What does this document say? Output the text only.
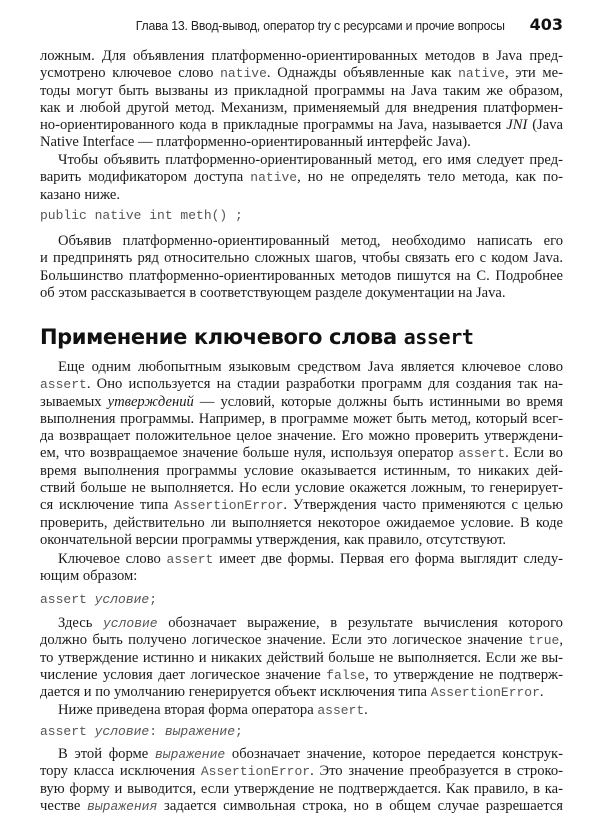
Глава 13. Ввод-вывод, оператор try с ресурсами и прочие вопросы 403
ложным. Для объявления платформенно-ориентированных методов в Java пред-
усмотрено ключевое слово native. Однажды объявленные как native, эти ме-
тоды могут быть вызваны из прикладной программы на Java таким же образом,
как и любой другой метод. Механизм, применяемый для внедрения платформен-
но-ориентированного кода в прикладные программы на Java, называется JNI (Java
Native Interface — платформенно-ориентированный интерфейс Java).
Чтобы объявить платформенно-ориентированный метод, его имя следует пред-
варить модификатором доступа native, но не определять тело метода, как по-
казано ниже.
public native int meth() ;
Объявив платформенно-ориентированный метод, необходимо написать его
и предпринять ряд относительно сложных шагов, чтобы связать его с кодом Java.
Большинство платформенно-ориентированных методов пишутся на С. Подробнее
об этом рассказывается в соответствующем разделе документации на Java.
Применение ключевого слова assert
Еще одним любопытным языковым средством Java является ключевое слово
assert. Оно используется на стадии разработки программ для создания так на-
зываемых утверждений — условий, которые должны быть истинными во время
выполнения программы. Например, в программе может быть метод, который всег-
да возвращает положительное целое значение. Его можно проверить утверждени-
ем, что возвращаемое значение больше нуля, используя оператор assert. Если во
время выполнения программы условие оказывается истинным, то никаких дей-
ствий больше не выполняется. Но если условие окажется ложным, то генерирует-
ся исключение типа AssertionError. Утверждения часто применяются с целью
проверить, действительно ли выполняется некоторое ожидаемое условие. В коде
окончательной версии программы утверждения, как правило, отсутствуют.
Ключевое слово assert имеет две формы. Первая его форма выглядит следу-
ющим образом:
assert условие;
Здесь условие обозначает выражение, в результате вычисления которого
должно быть получено логическое значение. Если это логическое значение true,
то утверждение истинно и никаких действий больше не выполняется. Если же вы-
числение условия дает логическое значение false, то утверждение не подтверж-
дается и по умолчанию генерируется объект исключения типа AssertionError.
Ниже приведена вторая форма оператора assert.
assert условие: выражение;
В этой форме выражение обозначает значение, которое передается конструк-
тору класса исключения AssertionError. Это значение преобразуется в строко-
вую форму и выводится, если утверждение не подтверждается. Как правило, в ка-
честве выражения задается символьная строка, но в общем случае разрешается
